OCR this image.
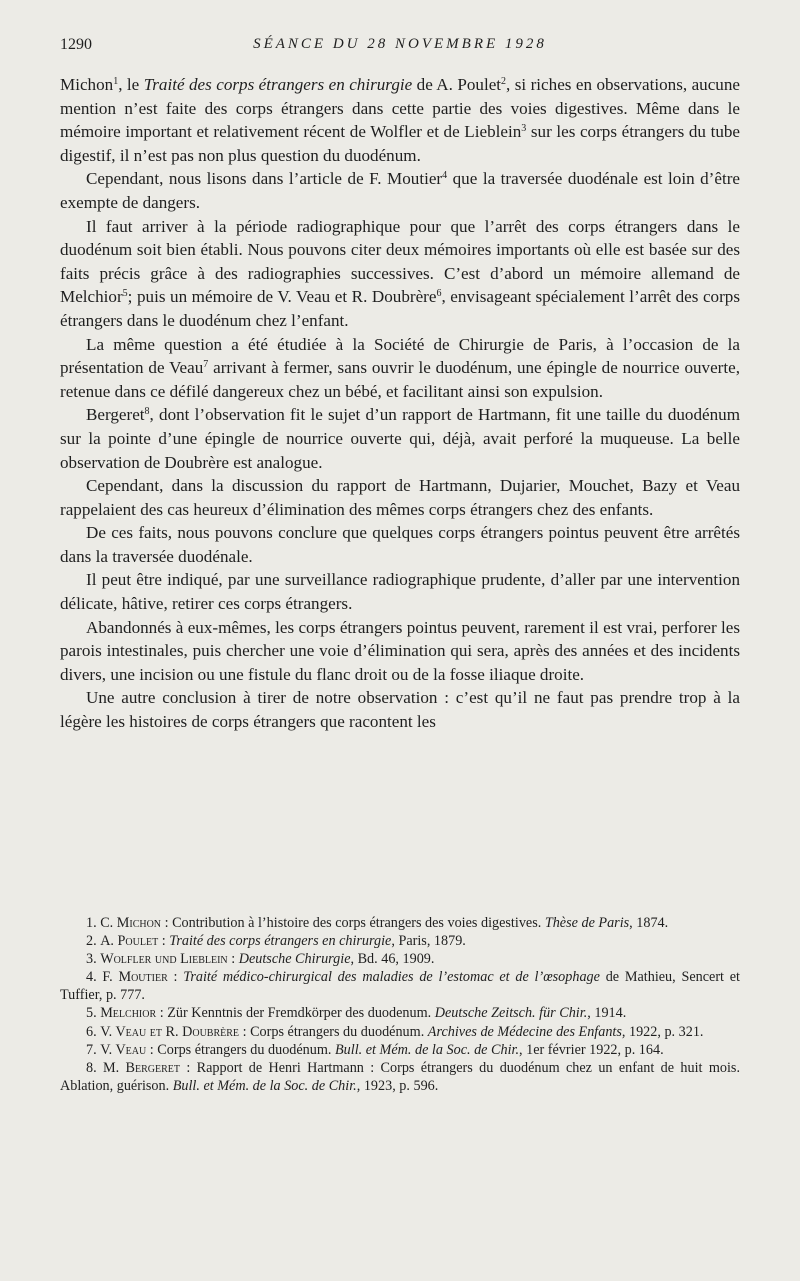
1290	SÉANCE DU 28 NOVEMBRE 1928

Michon$^1$, le Traité des corps étrangers en chirurgie de A. Poulet$^2$, si riches en observations, aucune mention n’est faite des corps étrangers dans cette partie des voies digestives. Même dans le mémoire important et relativement récent de Wolfler et de Lieblein$^3$ sur les corps étrangers du tube digestif, il n’est pas non plus question du duodénum.

Cependant, nous lisons dans l’article de F. Moutier$^4$ que la traversée duodénale est loin d’être exempte de dangers.

Il faut arriver à la période radiographique pour que l’arrêt des corps étrangers dans le duodénum soit bien établi. Nous pouvons citer deux mémoires importants où elle est basée sur des faits précis grâce à des radiographies successives. C’est d’abord un mémoire allemand de Melchior$^5$; puis un mémoire de V. Veau et R. Doubrère$^6$, envisageant spécialement l’arrêt des corps étrangers dans le duodénum chez l’enfant.

La même question a été étudiée à la Société de Chirurgie de Paris, à l’occasion de la présentation de Veau$^7$ arrivant à fermer, sans ouvrir le duodénum, une épingle de nourrice ouverte, retenue dans ce défilé dangereux chez un bébé, et facilitant ainsi son expulsion.

Bergeret$^8$, dont l’observation fit le sujet d’un rapport de Hartmann, fit une taille du duodénum sur la pointe d’une épingle de nourrice ouverte qui, déjà, avait perforé la muqueuse. La belle observation de Doubrère est analogue.

Cependant, dans la discussion du rapport de Hartmann, Dujarier, Mouchet, Bazy et Veau rappelaient des cas heureux d’élimination des mêmes corps étrangers chez des enfants.

De ces faits, nous pouvons conclure que quelques corps étrangers pointus peuvent être arrêtés dans la traversée duodénale.

Il peut être indiqué, par une surveillance radiographique prudente, d’aller par une intervention délicate, hâtive, retirer ces corps étrangers.

Abandonnés à eux-mêmes, les corps étrangers pointus peuvent, rarement il est vrai, perforer les parois intestinales, puis chercher une voie d’élimination qui sera, après des années et des incidents divers, une incision ou une fistule du flanc droit ou de la fosse iliaque droite.

Une autre conclusion à tirer de notre observation : c’est qu’il ne faut pas prendre trop à la légère les histoires de corps étrangers que racontent les

1. C. Michon : Contribution à l’histoire des corps étrangers des voies digestives. Thèse de Paris, 1874.

2. A. Poulet : Traité des corps étrangers en chirurgie, Paris, 1879.

3. Wolfler und Lieblein : Deutsche Chirurgie, Bd. 46, 1909.

4. F. Moutier : Traité médico-chirurgical des maladies de l’estomac et de l’œsophage de Mathieu, Sencert et Tuffier, p. 777.

5. Melchior : Zür Kenntnis der Fremdkörper des duodenum. Deutsche Zeitsch. für Chir., 1914.

6. V. Veau et R. Doubrère : Corps étrangers du duodénum. Archives de Médecine des Enfants, 1922, p. 321.

7. V. Veau : Corps étrangers du duodénum. Bull. et Mém. de la Soc. de Chir., 1er février 1922, p. 164.

8. M. Bergeret : Rapport de Henri Hartmann : Corps étrangers du duodénum chez un enfant de huit mois. Ablation, guérison. Bull. et Mém. de la Soc. de Chir., 1923, p. 596.
